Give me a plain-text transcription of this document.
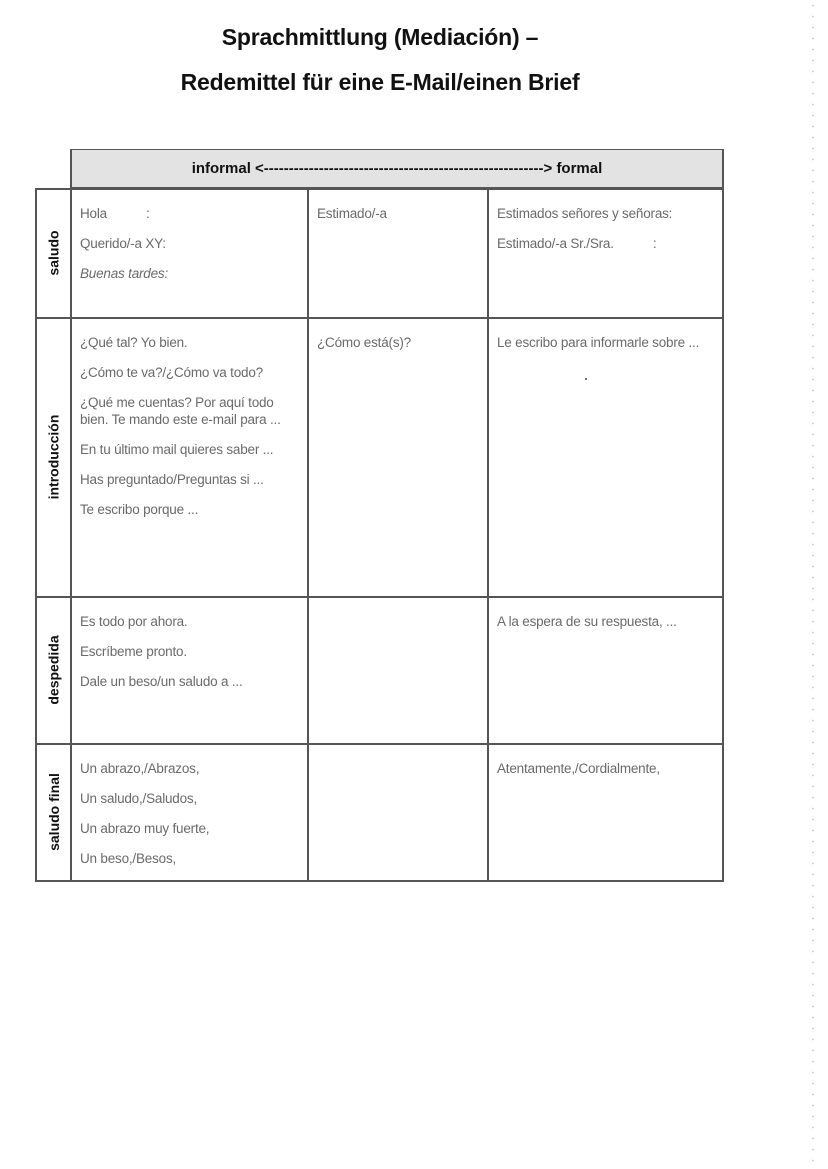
Sprachmittlung (Mediación) –
Redemittel für eine E-Mail/einen Brief
informal <--------------------------------------------------------> formal
saludo
introducción
despedida
saludo final
Hola           :
Querido/-a XY:
Buenas tardes:
Estimado/-a	Estimados señores y señoras:
Estimado/-a Sr./Sra.           :
¿Qué tal? Yo bien.
¿Cómo te va?/¿Cómo va todo?
¿Qué me cuentas? Por aquí todo bien. Te mando este e-mail para ...
En tu último mail quieres saber ...
Has preguntado/Preguntas si ...
Te escribo porque ...
¿Cómo está(s)?	Le escribo para informarle sobre ...
Es todo por ahora.
Escríbeme pronto.
Dale un beso/un saludo a ...
A la espera de su respuesta, ...
Un abrazo,/Abrazos,
Un saludo,/Saludos,
Un abrazo muy fuerte,
Un beso,/Besos,
Atentamente,/Cordialmente,
